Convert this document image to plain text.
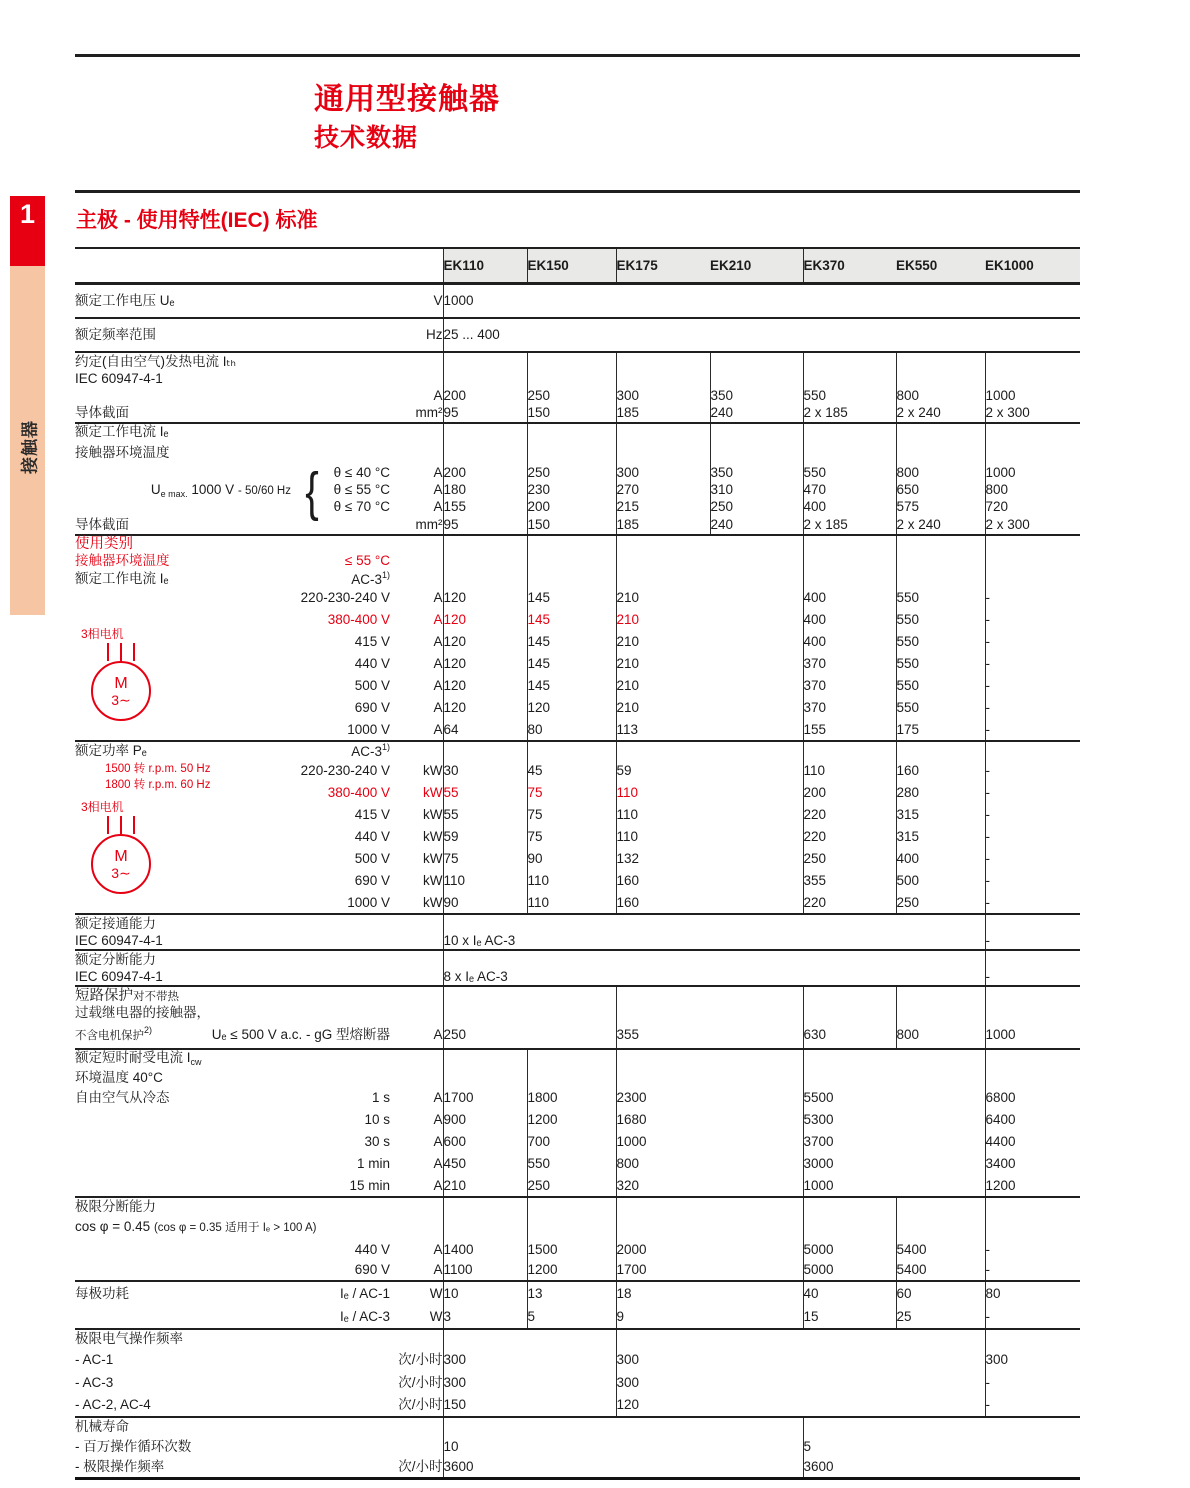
通用型接触器
技术数据
1
接触器
主极 - 使用特性(IEC) 标准
		EK110	EK150	EK175	EK210	EK370	EK550	EK1000
额定工作电压 Uₑ	V	1000						
额定频率范围	Hz	25 ... 400						
约定(自由空气)发热电流 Iₜₕ								
IEC 60947-4-1								
	A	200	250	300	350	550	800	1000
导体截面	mm²	95	150	185	240	2 x 185	2 x 240	2 x 300
额定工作电流 Iₑ								
接触器环境温度								

θ ≤ 40 °C	A	200	250	300	350	550	800	1000

$U_{e max.}$ 1000 V - 50/60 Hz { θ ≤ 55 °C	A	180	230	270	310	470	650	800

θ ≤ 70 °C	A	155	200	215	250	400	575	720
导体截面	mm²	95	150	185	240	2 x 185	2 x 240	2 x 300
使用类别								

接触器环境温度 ≤ 55 °C								

额定工作电流 Iₑ AC-3$^{1)}$

220-230-240 V	A	120	145	210		400	550	-

380-400 V	A	120	145	210		400	550	-

3相电机
415 V	A	120	145	210		400	550	-

M
3∼
440 V	A	120	145	210		370	550	-

500 V	A	120	145	210		370	550	-

690 V	A	120	120	210		370	550	-

1000 V	A	64	80	113		155	175	-

额定功率 Pₑ AC-3$^{1)}$

1500 转 r.p.m. 50 Hz 220-230-240 V	kW	30	45	59		110	160	-

1800 转 r.p.m. 60 Hz
380-400 V	kW	55	75	110		200	280	-

3相电机
415 V	kW	55	75	110		220	315	-

M
3∼
440 V	kW	59	75	110		220	315	-

500 V	kW	75	90	132		250	400	-

690 V	kW	110	110	160		355	500	-

1000 V	kW	90	110	160		220	250	-
额定接通能力								
IEC 60947-4-1		10 x Iₑ AC-3						-
额定分断能力								
IEC 60947-4-1		8 x Iₑ AC-3						-
短路保护对不带热								
过载继电器的接触器，								

不含电机保护$^{2)}$ Uₑ ≤ 500 V a.c. - gG 型熔断器	A	250		355		630	800	1000
额定短时耐受电流 $I_{cw}$						
环境温度 40°C								

自由空气从冷态 1 s	A	1700	1800	2300		5500		6800

10 s	A	900	1200	1680		5300		6400

30 s	A	600	700	1000		3700		4400

1 min	A	450	550	800		3000		3400

15 min	A	210	250	320		1000		1200
极限分断能力								
cos φ = 0.45 (cos φ = 0.35 适用于 Iₑ > 100 A)								

440 V	A	1400	1500	2000		5000	5400	-

690 V	A	1100	1200	1700		5000	5400	-

每极功耗 Iₑ / AC-1	W	10	13	18		40	60	80

Iₑ / AC-3	W	3	5	9		15	25	-
极限电气操作频率								
- AC-1	次/小时	300		300				300
- AC-3	次/小时	300		300				-
- AC-2, AC-4	次/小时	150		120				-
机械寿命								
- 百万操作循环次数		10				5		
- 极限操作频率	次/小时	3600				3600		
